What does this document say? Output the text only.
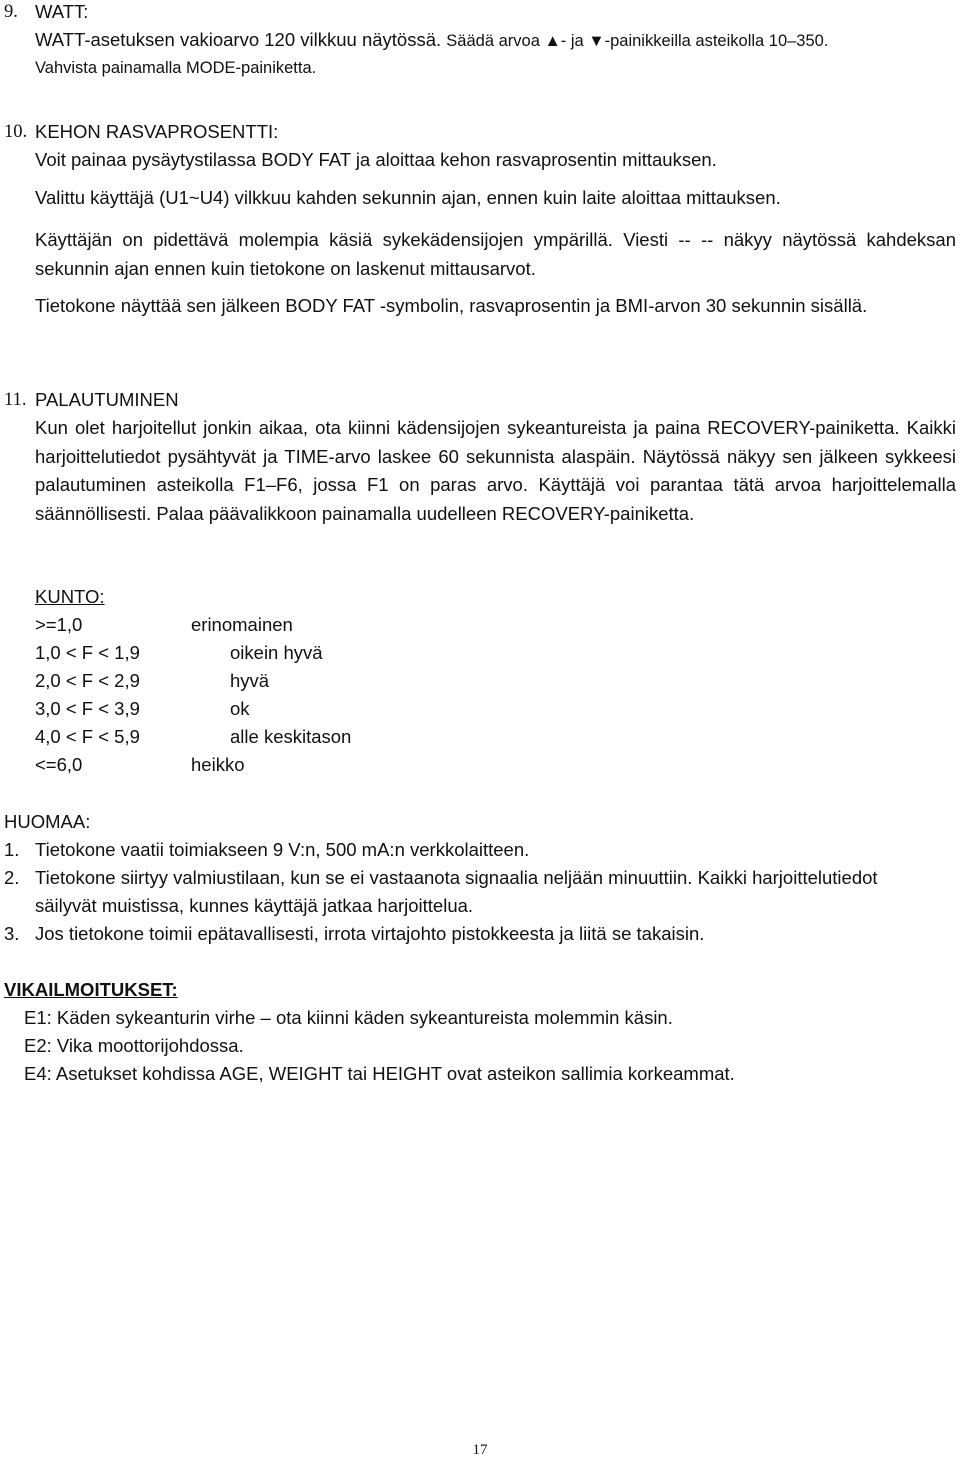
9. WATT:
WATT-asetuksen vakioarvo 120 vilkkuu näytössä. Säädä arvoa ▲- ja ▼-painikkeilla asteikolla 10–350.
Vahvista painamalla MODE-painiketta.
10. KEHON RASVAPROSENTTI:
Voit painaa pysäytystilassa BODY FAT ja aloittaa kehon rasvaprosentin mittauksen.
Valittu käyttäjä (U1~U4) vilkkuu kahden sekunnin ajan, ennen kuin laite aloittaa mittauksen.
Käyttäjän on pidettävä molempia käsiä sykekädensijojen ympärillä. Viesti -- -- näkyy näytössä kahdeksan sekunnin ajan ennen kuin tietokone on laskenut mittausarvot.
Tietokone näyttää sen jälkeen BODY FAT -symbolin, rasvaprosentin ja BMI-arvon 30 sekunnin sisällä.
11. PALAUTUMINEN
Kun olet harjoitellut jonkin aikaa, ota kiinni kädensijojen sykeantureista ja paina RECOVERY-painiketta. Kaikki harjoittelutiedot pysähtyvät ja TIME-arvo laskee 60 sekunnista alaspäin. Näytössä näkyy sen jälkeen sykkeesi palautuminen asteikolla F1–F6, jossa F1 on paras arvo. Käyttäjä voi parantaa tätä arvoa harjoittelemalla säännöllisesti. Palaa päävalikkoon painamalla uudelleen RECOVERY-painiketta.
KUNTO:
>=1,0	erinomainen
1,0 < F < 1,9	oikein hyvä
2,0 < F < 2,9	hyvä
3,0 < F < 3,9	ok
4,0 < F < 5,9	alle keskitason
<=6,0	heikko
HUOMAA:
1. Tietokone vaatii toimiakseen 9 V:n, 500 mA:n verkkolaitteen.
2. Tietokone siirtyy valmiustilaan, kun se ei vastaanota signaalia neljään minuuttiin. Kaikki harjoittelutiedot säilyvät muistissa, kunnes käyttäjä jatkaa harjoittelua.
3. Jos tietokone toimii epätavallisesti, irrota virtajohto pistokkeesta ja liitä se takaisin.
VIKAILMOITUKSET:
E1: Käden sykeanturin virhe – ota kiinni käden sykeantureista molemmin käsin.
E2: Vika moottorijohdossa.
E4: Asetukset kohdissa AGE, WEIGHT tai HEIGHT ovat asteikon sallimia korkeammat.
17
